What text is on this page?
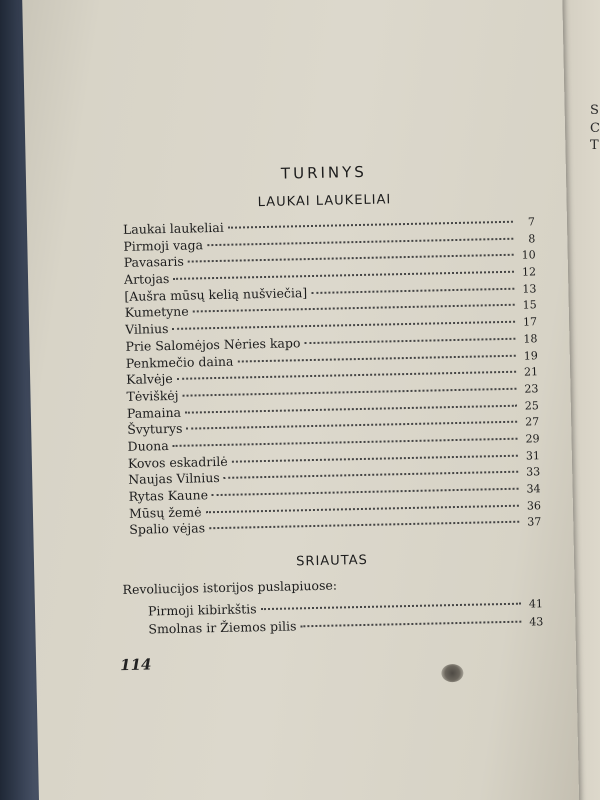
S
C
T
TURINYS
LAUKAI LAUKELIAI
Laukai laukeliai	7
Pirmoji vaga	8
Pavasaris	10
Artojas	12
[Aušra mūsų kelią nušviečia]	13
Kumetyne	15
Vilnius	17
Prie Salomėjos Nėries kapo	18
Penkmečio daina	19
Kalvėje	21
Tėviškėj	23
Pamaina	25
Švyturys	27
Duona	29
Kovos eskadrilė	31
Naujas Vilnius	33
Rytas Kaune	34
Mūsų žemė	36
Spalio vėjas	37
SRIAUTAS
Revoliucijos istorijos puslapiuose:
Pirmoji kibirkštis	41
Smolnas ir Žiemos pilis	43
114
